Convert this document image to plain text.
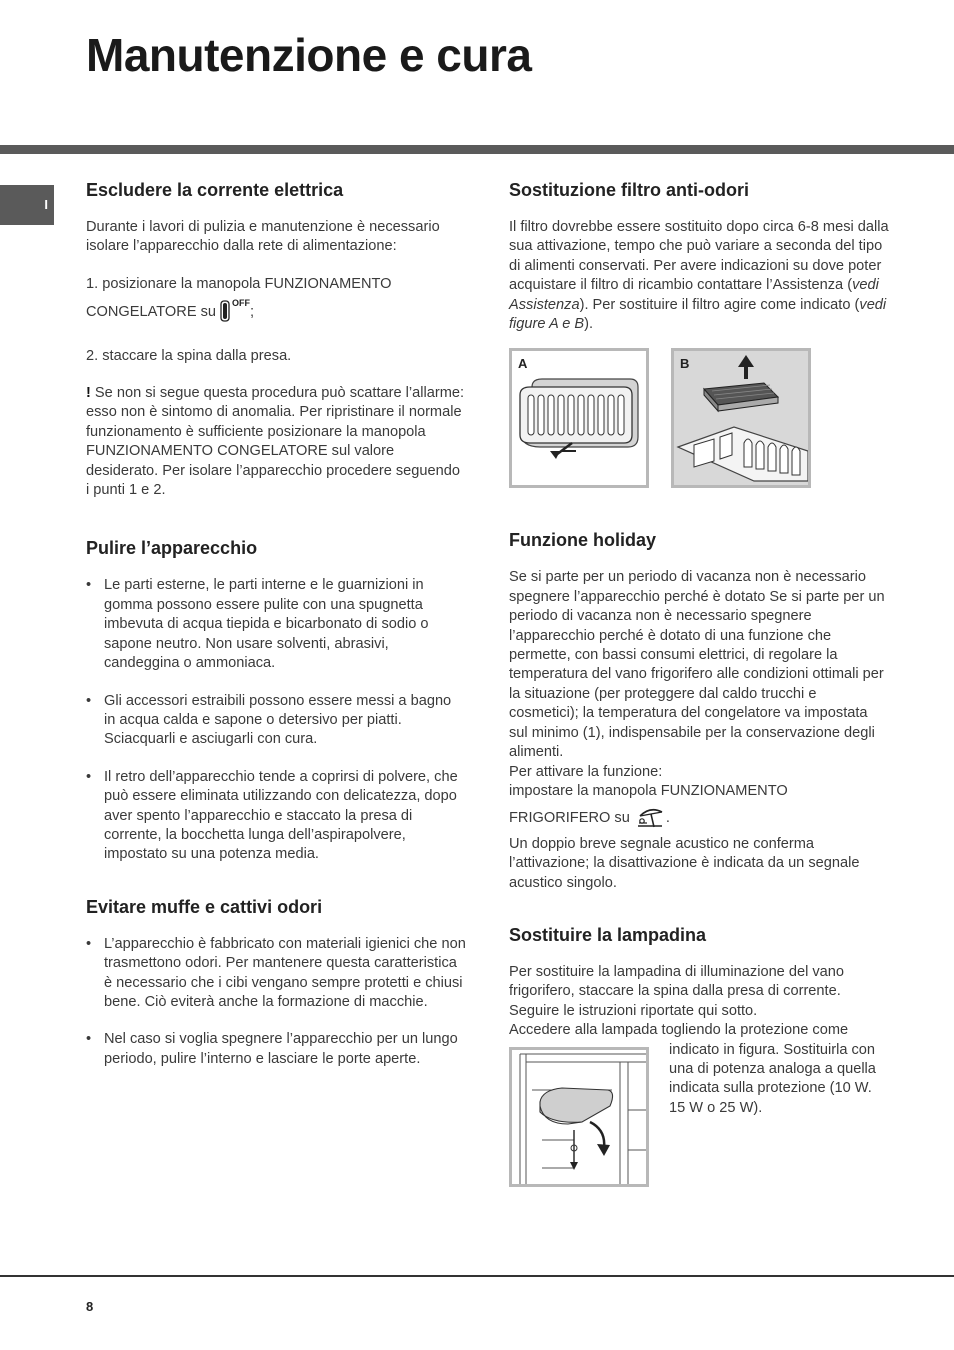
Manutenzione e cura
I
Escludere la corrente elettrica

Durante i lavori di pulizia e manutenzione è necessario isolare l’apparecchio dalla rete di alimentazione:

1. posizionare la manopola FUNZIONAMENTO CONGELATORE $su^{OFF}$;

2. staccare la spina dalla presa.

! Se non si segue questa procedura può scattare l’allarme: esso non è sintomo di anomalia. Per ripristinare il normale funzionamento è sufficiente posizionare la manopola FUNZIONAMENTO CONGELATORE sul valore desiderato. Per isolare l’apparecchio procedere seguendo i punti 1 e 2.

Pulire l’apparecchio
• Le parti esterne, le parti interne e le guarnizioni in gomma possono essere pulite con una spugnetta imbevuta di acqua tiepida e bicarbonato di sodio o sapone neutro. Non usare solventi, abrasivi, candeggina o ammoniaca.
• Gli accessori estraibili possono essere messi a bagno in acqua calda e sapone o detersivo per piatti. Sciacquarli e asciugarli con cura.
• Il retro dell’apparecchio tende a coprirsi di polvere, che può essere eliminata utilizzando con delicatezza, dopo aver spento l’apparecchio e staccato la presa di corrente, la bocchetta lunga dell’aspirapolvere, impostato su una potenza media.
Evitare muffe e cattivi odori
• L’apparecchio è fabbricato con materiali igienici che non trasmettono odori. Per mantenere questa caratteristica è necessario che i cibi vengano sempre protetti e chiusi bene. Ciò eviterà anche la formazione di macchie.
• Nel caso si voglia spegnere l’apparecchio per un lungo periodo, pulire l’interno e lasciare le porte aperte.
Sostituzione filtro anti-odori

Il filtro dovrebbe essere sostituito dopo circa 6-8 mesi dalla sua attivazione, tempo che può variare a seconda del tipo di alimenti conservati. Per avere indicazioni su dove poter acquistare il filtro di ricambio contattare l’Assistenza (vedi Assistenza). Per sostituire il filtro agire come indicato (vedi figure A e B).

A	B
Funzione holiday

Se si parte per un periodo di vacanza non è necessario spegnere l’apparecchio perché è dotato Se si parte per un periodo di vacanza non è necessario spegnere l’apparecchio perché è dotato di una funzione che permette, con bassi consumi elettrici, di regolare la temperatura del vano frigorifero alle condizioni ottimali per la situazione (per proteggere dal caldo trucchi e cosmetici); la temperatura del congelatore va impostata sul minimo (1), indispensabile per la conservazione degli alimenti.

Per attivare la funzione:

impostare la manopola FUNZIONAMENTO

FRIGORIFERO su .

Un doppio breve segnale acustico ne conferma l’attivazione; la disattivazione è indicata da un segnale acustico singolo.

Sostituire la lampadina

Per sostituire la lampadina di illuminazione del vano frigorifero, staccare la spina dalla presa di corrente. Seguire le istruzioni riportate qui sotto.

Accedere alla lampada togliendo la protezione come

indicato in figura. Sostituirla con una di potenza analoga a quella indicata sulla protezione (10 W. 15 W o 25 W).

8
